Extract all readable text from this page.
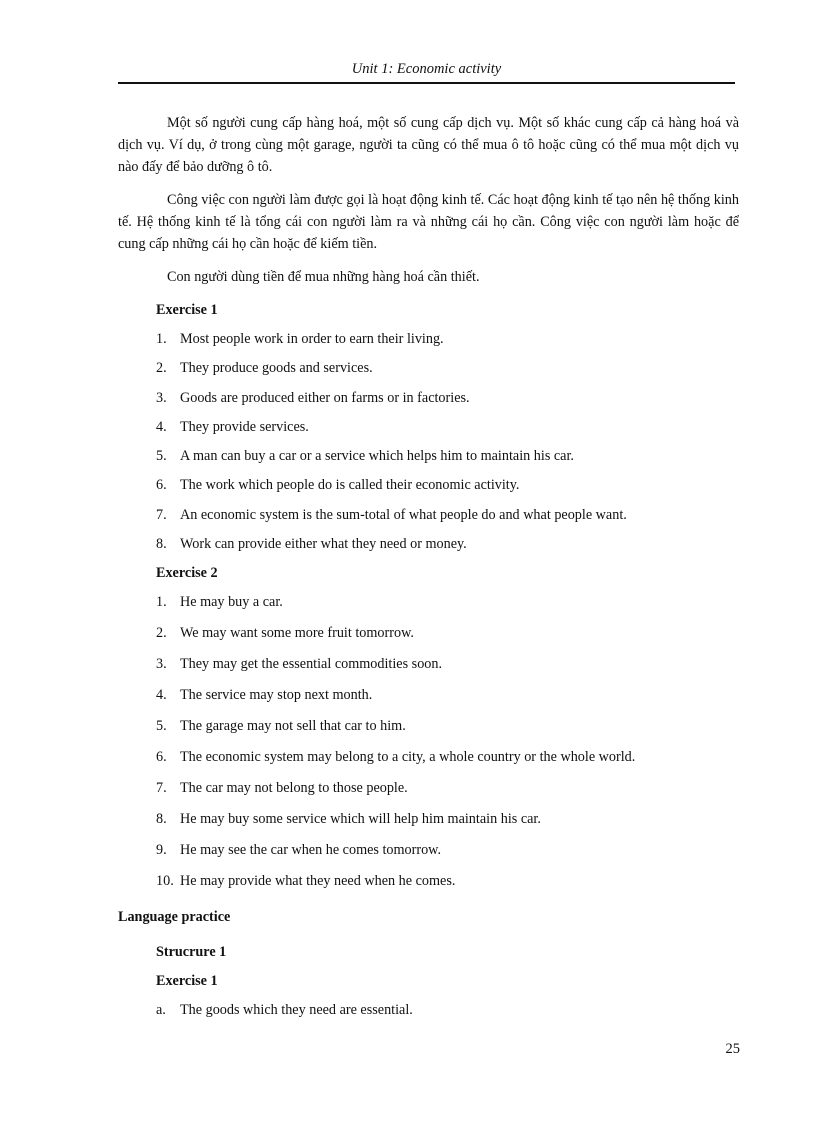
Unit 1: Economic activity

Một số người cung cấp hàng hoá, một số cung cấp dịch vụ. Một số khác cung cấp cả hàng hoá và dịch vụ. Ví dụ, ở trong cùng một garage, người ta cũng có thể mua ô tô hoặc cũng có thể mua một dịch vụ nào đấy để bảo dưỡng ô tô.

Công việc con người làm được gọi là hoạt động kinh tế. Các hoạt động kinh tế tạo nên hệ thống kinh tế. Hệ thống kinh tế là tổng cái con người làm ra và những cái họ cần. Công việc con người làm hoặc để cung cấp những cái họ cần hoặc để kiếm tiền.

Con người dùng tiền để mua những hàng hoá cần thiết.

Exercise 1
1. Most people work in order to earn their living.
2. They produce goods and services.
3. Goods are produced either on farms or in factories.
4. They provide services.
5. A man can buy a car or a service which helps him to maintain his car.
6. The work which people do is called their economic activity.
7. An economic system is the sum-total of what people do and what people want.
8. Work can provide either what they need or money.
Exercise 2
1. He may buy a car.
2. We may want some more fruit tomorrow.
3. They may get the essential commodities soon.
4. The service may stop next month.
5. The garage may not sell that car to him.
6. The economic system may belong to a city, a whole country or the whole world.
7. The car may not belong to those people.
8. He may buy some service which will help him maintain his car.
9. He may see the car when he comes tomorrow.
10. He may provide what they need when he comes.
Language practice
Strucrure 1
Exercise 1
a. The goods which they need are essential.
25
